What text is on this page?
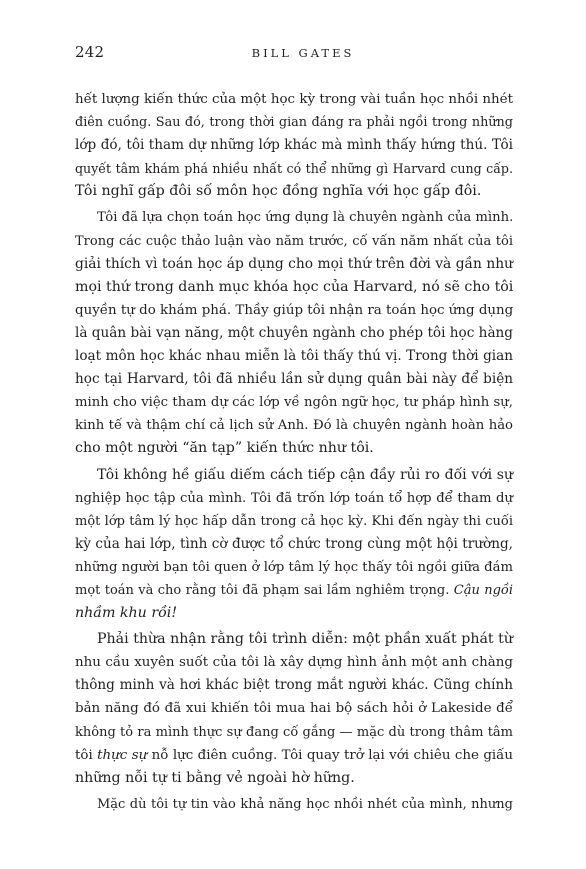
242	BILL GATES
hết lượng kiến thức của một học kỳ trong vài tuần học nhồi nhét
điên cuồng. Sau đó, trong thời gian đáng ra phải ngồi trong những
lớp đó, tôi tham dự những lớp khác mà mình thấy hứng thú. Tôi
quyết tâm khám phá nhiều nhất có thể những gì Harvard cung cấp.
Tôi nghĩ gấp đôi số môn học đồng nghĩa với học gấp đôi.
Tôi đã lựa chọn toán học ứng dụng là chuyên ngành của mình.
Trong các cuộc thảo luận vào năm trước, cố vấn năm nhất của tôi
giải thích vì toán học áp dụng cho mọi thứ trên đời và gần như
mọi thứ trong danh mục khóa học của Harvard, nó sẽ cho tôi
quyền tự do khám phá. Thầy giúp tôi nhận ra toán học ứng dụng
là quân bài vạn năng, một chuyên ngành cho phép tôi học hàng
loạt môn học khác nhau miễn là tôi thấy thú vị. Trong thời gian
học tại Harvard, tôi đã nhiều lần sử dụng quân bài này để biện
minh cho việc tham dự các lớp về ngôn ngữ học, tư pháp hình sự,
kinh tế và thậm chí cả lịch sử Anh. Đó là chuyên ngành hoàn hảo
cho một người “ăn tạp” kiến thức như tôi.
Tôi không hề giấu diếm cách tiếp cận đầy rủi ro đối với sự
nghiệp học tập của mình. Tôi đã trốn lớp toán tổ hợp để tham dự
một lớp tâm lý học hấp dẫn trong cả học kỳ. Khi đến ngày thi cuối
kỳ của hai lớp, tình cờ được tổ chức trong cùng một hội trường,
những người bạn tôi quen ở lớp tâm lý học thấy tôi ngồi giữa đám
mọt toán và cho rằng tôi đã phạm sai lầm nghiêm trọng. Cậu ngồi
nhầm khu rồi!
Phải thừa nhận rằng tôi trình diễn: một phần xuất phát từ
nhu cầu xuyên suốt của tôi là xây dựng hình ảnh một anh chàng
thông minh và hơi khác biệt trong mắt người khác. Cũng chính
bản năng đó đã xui khiến tôi mua hai bộ sách hỏi ở Lakeside để
không tỏ ra mình thực sự đang cố gắng — mặc dù trong thâm tâm
tôi thực sự nỗ lực điên cuồng. Tôi quay trở lại với chiêu che giấu
những nỗi tự ti bằng vẻ ngoài hờ hững.
Mặc dù tôi tự tin vào khả năng học nhồi nhét của mình, nhưng
